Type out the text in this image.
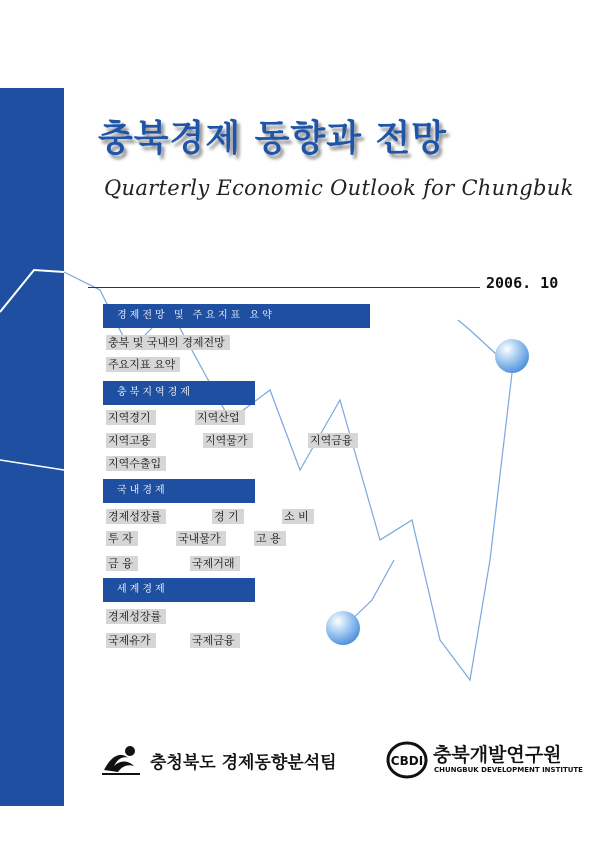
충북경제 동향과 전망
Quarterly Economic Outlook for Chungbuk
2006. 10
경제전망 및 주요지표 요약
충북 및 국내의 경제전망
주요지표 요약
충북지역경제
지역경기	지역산업
지역고용	지역물가	지역금융
지역수출입
국내경제
경제성장률	경 기	소 비
투 자	국내물가	고 용
금 융	국제거래
세계경제
경제성장률
국제유가	국제금융
충청북도 경제동향분석팀	CBDI 충북개발연구원
CHUNGBUK DEVELOPMENT INSTITUTE
